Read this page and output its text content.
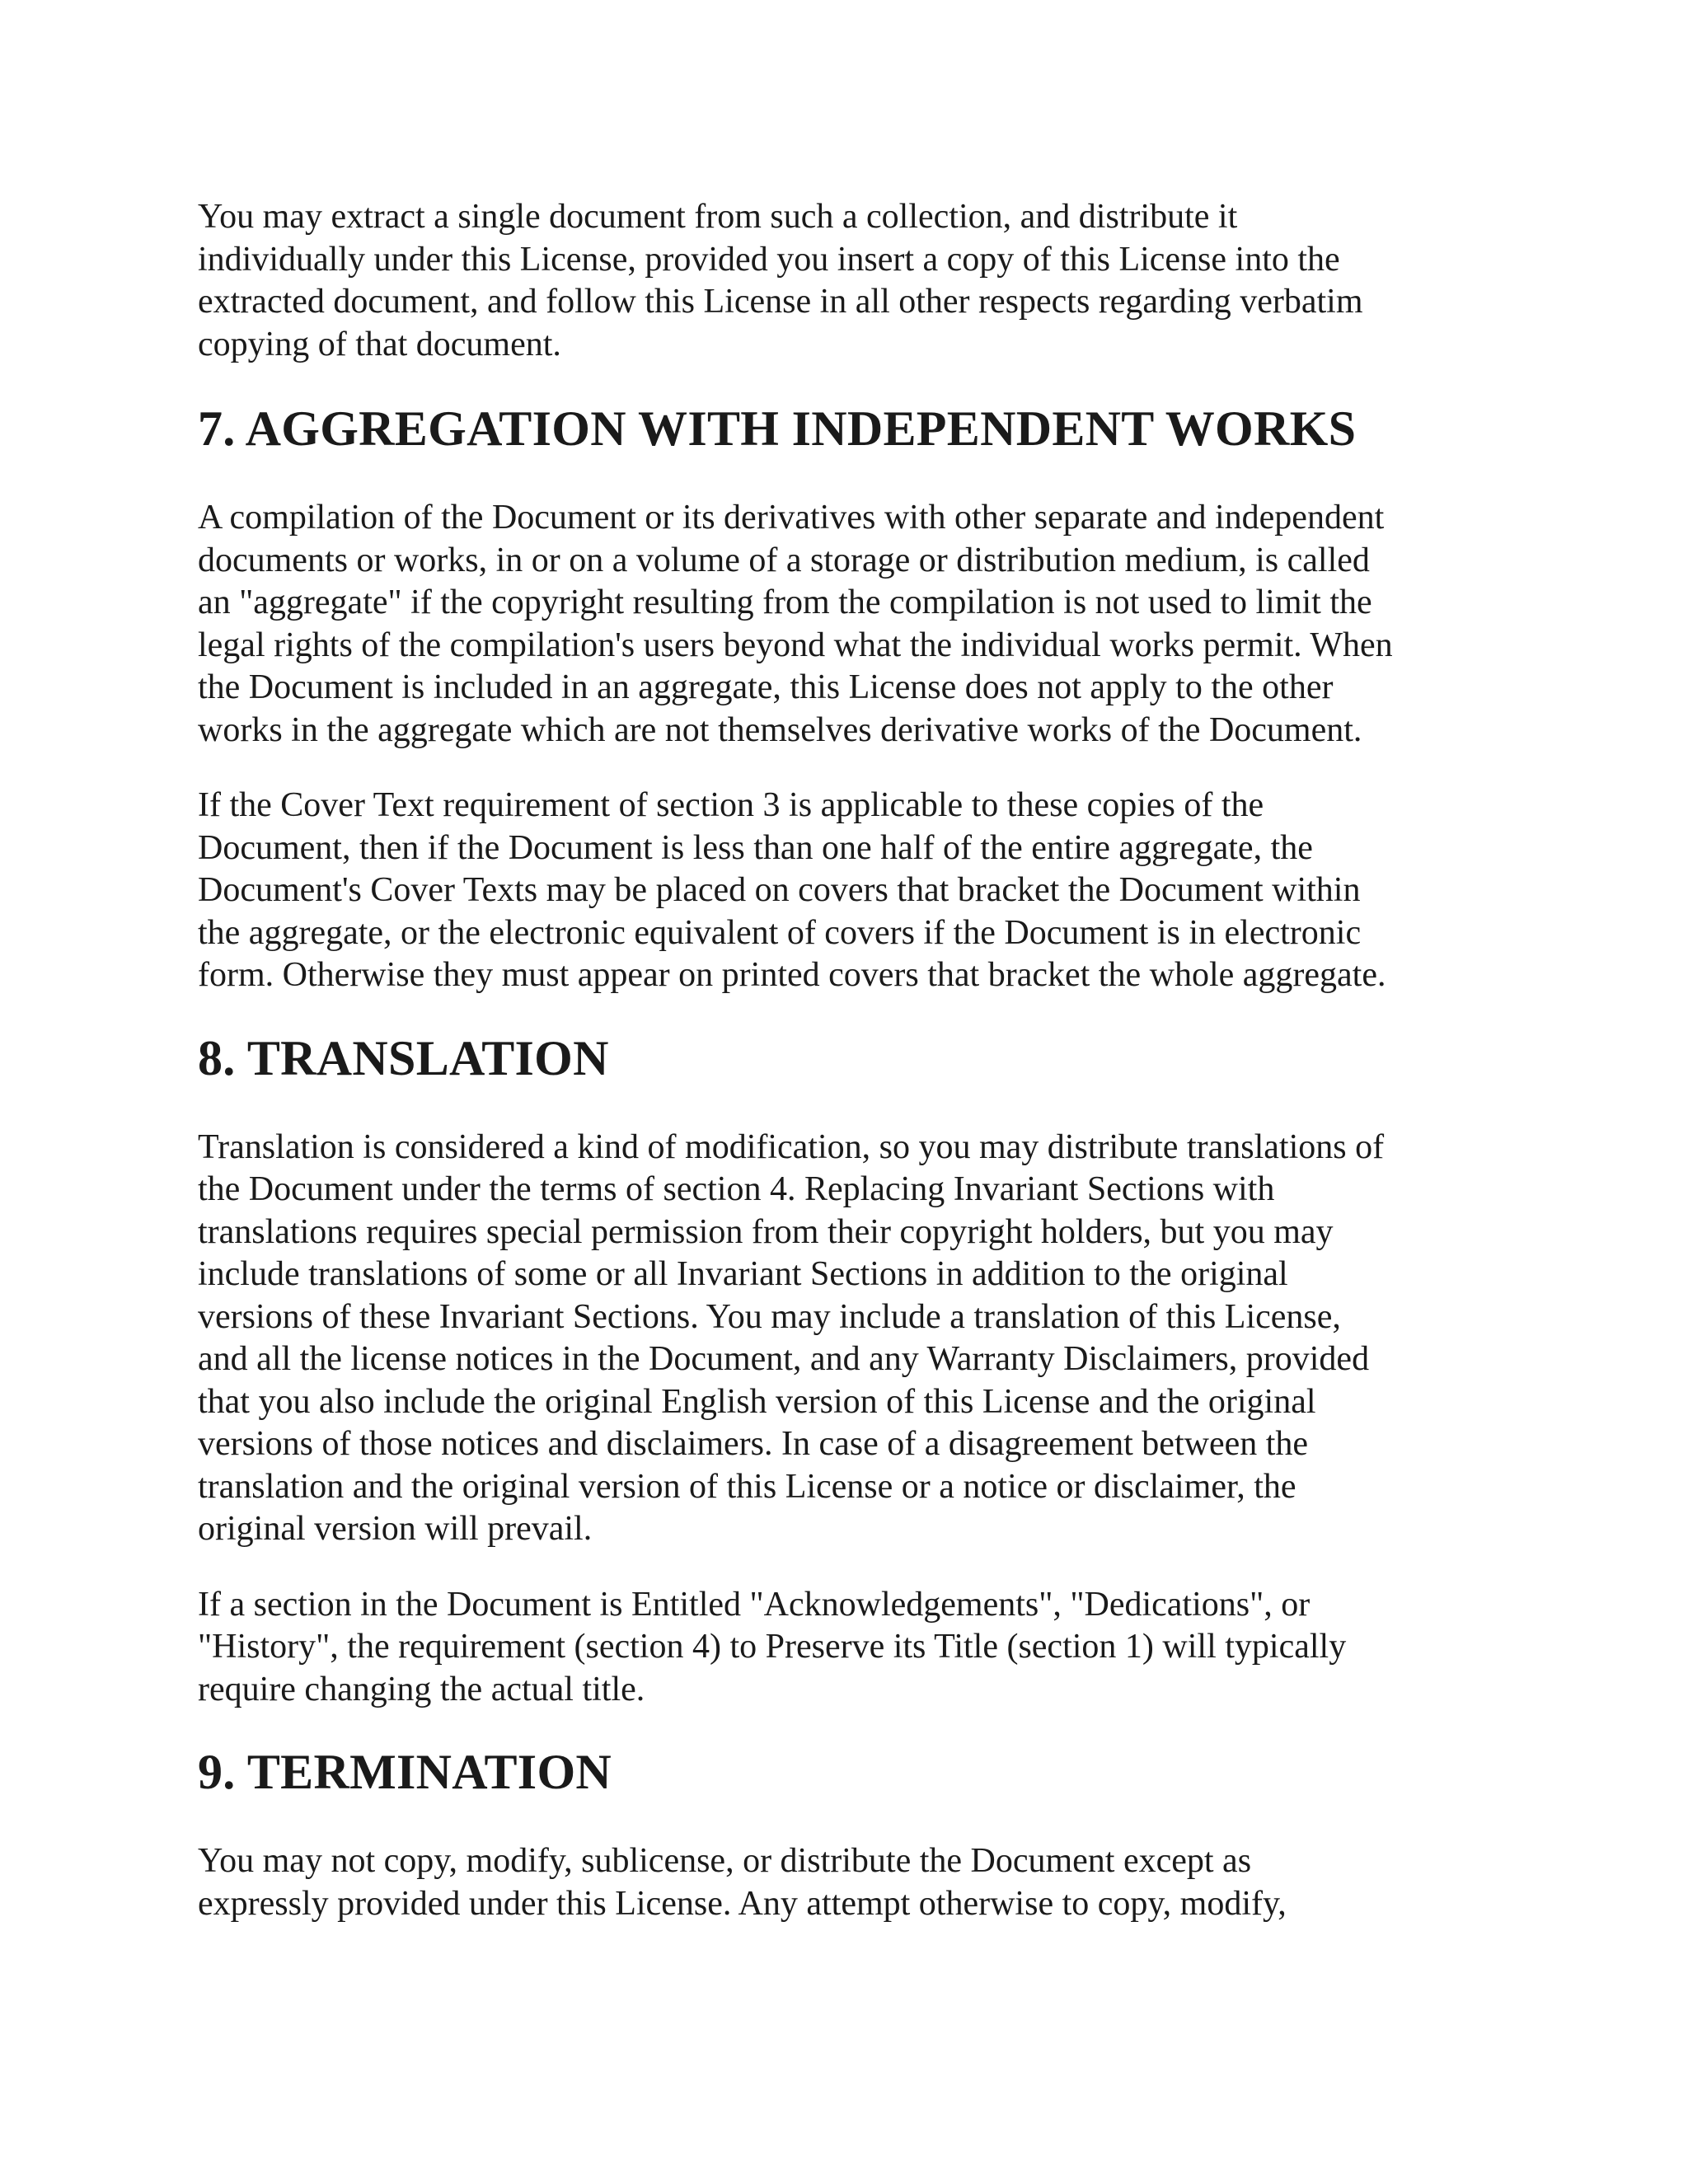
You may extract a single document from such a collection, and distribute it
individually under this License, provided you insert a copy of this License into the
extracted document, and follow this License in all other respects regarding verbatim
copying of that document.

7. AGGREGATION WITH INDEPENDENT WORKS

A compilation of the Document or its derivatives with other separate and independent
documents or works, in or on a volume of a storage or distribution medium, is called
an "aggregate" if the copyright resulting from the compilation is not used to limit the
legal rights of the compilation's users beyond what the individual works permit. When
the Document is included in an aggregate, this License does not apply to the other
works in the aggregate which are not themselves derivative works of the Document.

If the Cover Text requirement of section 3 is applicable to these copies of the
Document, then if the Document is less than one half of the entire aggregate, the
Document's Cover Texts may be placed on covers that bracket the Document within
the aggregate, or the electronic equivalent of covers if the Document is in electronic
form. Otherwise they must appear on printed covers that bracket the whole aggregate.

8. TRANSLATION

Translation is considered a kind of modification, so you may distribute translations of
the Document under the terms of section 4. Replacing Invariant Sections with
translations requires special permission from their copyright holders, but you may
include translations of some or all Invariant Sections in addition to the original
versions of these Invariant Sections. You may include a translation of this License,
and all the license notices in the Document, and any Warranty Disclaimers, provided
that you also include the original English version of this License and the original
versions of those notices and disclaimers. In case of a disagreement between the
translation and the original version of this License or a notice or disclaimer, the
original version will prevail.

If a section in the Document is Entitled "Acknowledgements", "Dedications", or
"History", the requirement (section 4) to Preserve its Title (section 1) will typically
require changing the actual title.

9. TERMINATION

You may not copy, modify, sublicense, or distribute the Document except as
expressly provided under this License. Any attempt otherwise to copy, modify,
